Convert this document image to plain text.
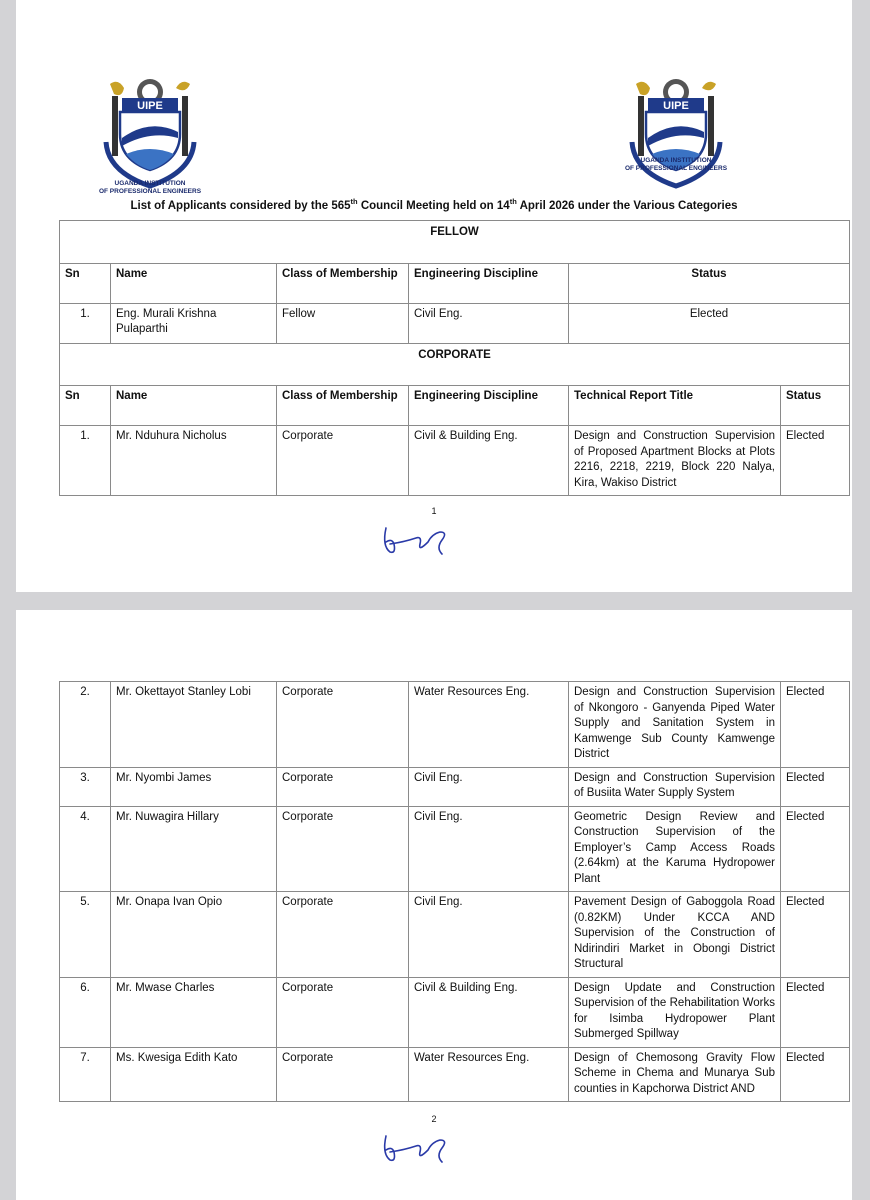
UIPE
UGANDA INSTITUTION
OF PROFESSIONAL ENGINEERS
UIPE
UGANDA INSTITUTION
OF PROFESSIONAL ENGINEERS
List of Applicants considered by the 565th Council Meeting held on 14th April 2026 under the Various Categories
FELLOW					
Sn	Name	Class of Membership	Engineering Discipline	Status	
1.	Eng. Murali Krishna Pulaparthi	Fellow	Civil Eng.	Elected	
CORPORATE					
Sn	Name	Class of Membership	Engineering Discipline	Technical Report Title	Status
1.	Mr. Nduhura Nicholus	Corporate	Civil & Building Eng.	Design and Construction Supervision of Proposed Apartment Blocks at Plots 2216, 2218, 2219, Block 220 Nalya, Kira, Wakiso District	Elected
1
2.	Mr. Okettayot Stanley Lobi	Corporate	Water Resources Eng.	Design and Construction Supervision of Nkongoro - Ganyenda Piped Water Supply and Sanitation System in Kamwenge Sub County Kamwenge District	Elected
3.	Mr. Nyombi James	Corporate	Civil Eng.	Design and Construction Supervision of Busiita Water Supply System	Elected
4.	Mr. Nuwagira Hillary	Corporate	Civil Eng.	Geometric Design Review and Construction Supervision of the Employer’s Camp Access Roads (2.64km) at the Karuma Hydropower Plant	Elected
5.	Mr. Onapa Ivan Opio	Corporate	Civil Eng.	Pavement Design of Gaboggola Road (0.82KM) Under KCCA AND Supervision of the Construction of Ndirindiri Market in Obongi District Structural	Elected
6.	Mr. Mwase Charles	Corporate	Civil & Building Eng.	Design Update and Construction Supervision of the Rehabilitation Works for Isimba Hydropower Plant Submerged Spillway	Elected
7.	Ms. Kwesiga Edith Kato	Corporate	Water Resources Eng.	Design of Chemosong Gravity Flow Scheme in Chema and Munarya Sub counties in Kapchorwa District AND	Elected
2
